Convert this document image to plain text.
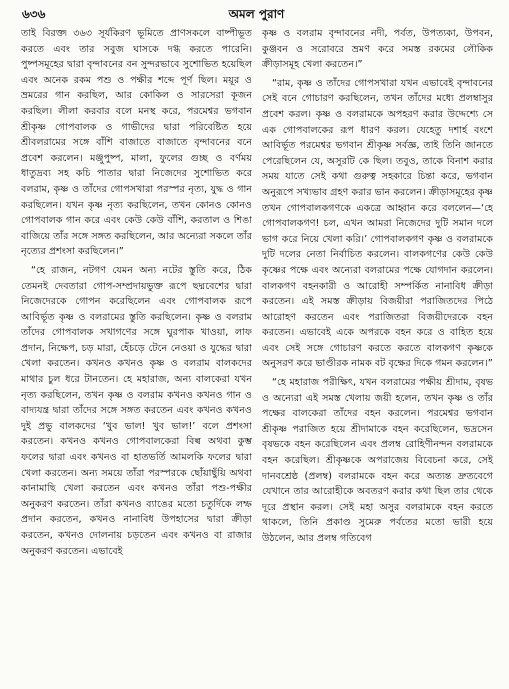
৬৩৬	অমল পুরাণ

তাই বিরক্ত৷ ৩৬৩ সূর্যকিরণ ভূমিতে প্রাণসকলে বাষ্পীভূত করতে এবং তার সবুজ ঘাসকে দগ্ধ করতে পারেনি। পুষ্পসমূহের দ্বারা বৃন্দাবনের বন সুন্দরভাবে সুশোভিত হয়েছিল এবং অনেক রকম পশু ও পক্ষীর শব্দে পূর্ণ ছিল। ময়ূর ও ভ্রমরের গান করছিল, আর কোকিল ও সারসেরা কূজন করছিল। লীলা করবার বলে মনস্থ করে, পরমেশ্বর ভগবান শ্রীকৃষ্ণ গোপবালক ও গাভীদের দ্বারা পরিবেষ্টিত হয়ে শ্রীবলরামের সঙ্গে বাঁশি বাজাতে বাজাতে বৃন্দাবনের বনে প্রবেশ করলেন। মঞ্জুপুষ্প, মালা, ফুলের গুচ্ছ ও বর্ণময় ধাতুদ্রব্য সহ কচি পাতার দ্বারা নিজেদের সুশোভিত করে বলরাম, কৃষ্ণ ও তাঁদের গোপসখারা পরস্পর নৃত্য, যুদ্ধ ও গান করছিলেন। যখন কৃষ্ণ নৃত্য করছিলেন, তখন কোনও কোনও গোপবালক গান করে এবং কেউ কেউ বাঁশি, করতাল ও শিঙা বাজিয়ে তাঁর সঙ্গে সঙ্গত করছিলেন, আর অন্যেরা সকলে তাঁর নৃত্যের প্রশংসা করছিলেন।”

“হে রাজন, নটগণ যেমন অন্য নটের স্তুতি করে, ঠিক তেমনই দেবতারা গোপ-সম্প্রদায়ভুক্ত রূপে ছদ্মবেশের দ্বারা নিজেদেরকে গোপন করেছিলেন এবং গোপবালক রূপে আবির্ভূত কৃষ্ণ ও বলরামের স্তুতি করছিলেন। কৃষ্ণ ও বলরাম তাঁদের গোপবালক সখাগণের সঙ্গে ঘুরপাক খাওয়া, লাফ প্রদান, নিক্ষেপ, চড় মারা, হেঁচড়ে টেনে নেওয়া ও যুদ্ধের দ্বারা খেলা করতেন। কখনও কখনও কৃষ্ণ ও বলরাম বালকদের মাথার চুল ধরে টানতেন। হে মহারাজ, অন্য বালকেরা যখন নৃত্য করছিলেন, তখন কৃষ্ণ ও বলরাম কখনও কখনও গান ও বাদ্যযন্ত্র দ্বারা তাঁদের সঙ্গে সঙ্গত করতেন এবং কখনও কখনও দুই প্রভু বালকদের ‘খুব ভাল! খুব ভাল!’ বলে প্রশংসা করতেন। কখনও কখনও গোপবালকেরা বিল্ব অথবা কুম্ভ ফলের দ্বারা এবং কখনও বা হাতভর্তি আমলকি ফলের দ্বারা খেলা করতেন। অন্য সময়ে তাঁরা পরস্পরকে ছোঁয়াছুঁয়ি অথবা কানামাছি খেলা করতেন এবং কখনও তাঁরা পশু-পক্ষীর অনুকরণ করতেন। তাঁরা কখনও ব্যাঙের মতো চতুর্দিকে লম্ফ প্রদান করতেন, কখনও নানাবিধ উপহাসের দ্বারা ক্রীড়া করতেন, কখনও দোলনায় চড়তেন এবং কখনও বা রাজার অনুকরণ করতেন। এভাবেই

কৃষ্ণ ও বলরাম বৃন্দাবনের নদী, পর্বত, উপত্যকা, উপবন, কুঞ্জবন ও সরোবরে ভ্রমণ করে সমস্ত রকমের লৌকিক ক্রীড়াসমূহ খেলা করতেন।”

“রাম, কৃষ্ণ ও তাঁদের গোপসখারা যখন এভাবেই বৃন্দাবনের সেই বনে গোচারণ করছিলেন, তখন তাঁদের মধ্যে প্রলম্বাসুর প্রবেশ করল। কৃষ্ণ ও বলরামকে অপহরণ করার উদ্দেশ্যে সে এক গোপবালকের রূপ ধারণ করল। যেহেতু দশার্হ বংশে আবির্ভূত পরমেশ্বর ভগবান শ্রীকৃষ্ণ সর্বজ্ঞ, তাই তিনি জানতে পেরেছিলেন যে, অসুরটি কে ছিল। তবুও, তাকে বিনাশ করার সময় যাতে সেই কথা গুরুত্ব সহকারে চিন্তা করে, ভগবান অনুরূপে সখ্যভাব গ্রহণ করার ভান করলেন। ক্রীড়াসমূহের কৃষ্ণ তখন গোপবালকগণকে একত্রে আহ্বান করে বললেন—‘হে গোপবালকগণ! চল, এখন আমরা নিজেদের দুটি সমান দলে ভাগ করে নিয়ে খেলা করি।’ গোপবালকগণ কৃষ্ণ ও বলরামকে দুটি দলের নেতা নির্বাচিত করলেন। বালকগণের কেউ কেউ কৃষ্ণের পক্ষে এবং অন্যেরা বলরামের পক্ষে যোগদান করলেন। বালকগণ বহনকারী ও আরোহী সম্পর্কিত নানাবিধ ক্রীড়া করতেন। এই সমস্ত ক্রীড়ায় বিজয়ীরা পরাজিতদের পিঠে আরোহণ করতেন এবং পরাজিতরা বিজয়ীদেরকে বহন করতেন। এভাবেই একে অপরকে বহন করে ও বাহিত হয়ে এবং সেই সঙ্গে গোচারণ করতে করতে বালকগণ কৃষ্ণকে অনুসরণ করে ভাণ্ডীরক নামক বট বৃক্ষের দিকে গমন করলেন।”

“হে মহারাজ পরীক্ষিৎ, যখন বলরামের পক্ষীয় শ্রীদাম, বৃষভ ও অন্যেরা এই সমস্ত খেলায় জয়ী হলেন, তখন কৃষ্ণ ও তাঁর পক্ষের বালকেরা তাঁদের বহন করলেন। পরমেশ্বর ভগবান শ্রীকৃষ্ণ পরাজিত হয়ে শ্রীদামাকে বহন করেছিলেন, ভদ্রসেন বৃষভকে বহন করেছিলেন এবং প্রলম্ব রোহিণীনন্দন বলরামকে বহন করেছিল। শ্রীকৃষ্ণকে অপরাজেয় বিবেচনা করে, সেই দানবশ্রেষ্ঠ (প্রলম্ব) বলরামকে বহন করে অত্যন্ত দ্রুতবেগে যেখানে তার আরোহীকে অবতরণ করার কথা ছিল তার থেকে দূরে প্রস্থান করল। সেই মহা অসুর বলরামকে বহন করতে থাকলে, তিনি প্রকাণ্ড সুমেরু পর্বতের মতো ভারী হয়ে উঠলেন, আর প্রলম্ব গতিবেগ
